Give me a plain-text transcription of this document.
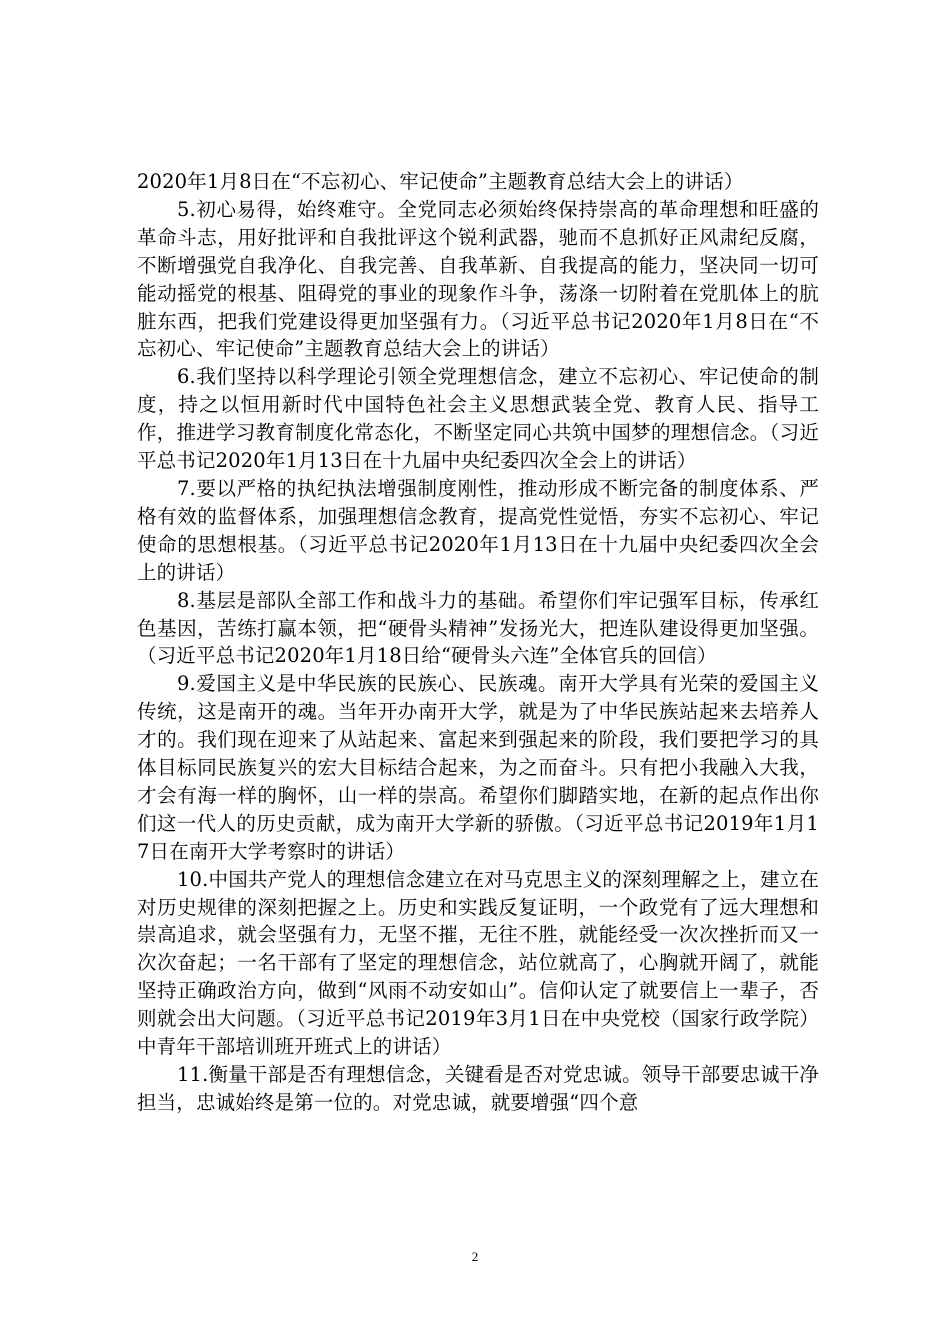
2020年1月8日在“不忘初心、牢记使命”主题教育总结大会上的讲话）

5.初心易得，始终难守。全党同志必须始终保持崇高的革命理想和旺盛的革命斗志，用好批评和自我批评这个锐利武器，驰而不息抓好正风肃纪反腐，不断增强党自我净化、自我完善、自我革新、自我提高的能力，坚决同一切可能动摇党的根基、阻碍党的事业的现象作斗争，荡涤一切附着在党肌体上的肮脏东西，把我们党建设得更加坚强有力。（习近平总书记2020年1月8日在“不忘初心、牢记使命”主题教育总结大会上的讲话）

6.我们坚持以科学理论引领全党理想信念，建立不忘初心、牢记使命的制度，持之以恒用新时代中国特色社会主义思想武装全党、教育人民、指导工作，推进学习教育制度化常态化，不断坚定同心共筑中国梦的理想信念。（习近平总书记2020年1月13日在十九届中央纪委四次全会上的讲话）

7.要以严格的执纪执法增强制度刚性，推动形成不断完备的制度体系、严格有效的监督体系，加强理想信念教育，提高党性觉悟，夯实不忘初心、牢记使命的思想根基。（习近平总书记2020年1月13日在十九届中央纪委四次全会上的讲话）

8.基层是部队全部工作和战斗力的基础。希望你们牢记强军目标，传承红色基因，苦练打赢本领，把“硬骨头精神”发扬光大，把连队建设得更加坚强。（习近平总书记2020年1月18日给“硬骨头六连”全体官兵的回信）

9.爱国主义是中华民族的民族心、民族魂。南开大学具有光荣的爱国主义传统，这是南开的魂。当年开办南开大学，就是为了中华民族站起来去培养人才的。我们现在迎来了从站起来、富起来到强起来的阶段，我们要把学习的具体目标同民族复兴的宏大目标结合起来，为之而奋斗。只有把小我融入大我，才会有海一样的胸怀，山一样的崇高。希望你们脚踏实地，在新的起点作出你们这一代人的历史贡献，成为南开大学新的骄傲。（习近平总书记2019年1月17日在南开大学考察时的讲话）

10.中国共产党人的理想信念建立在对马克思主义的深刻理解之上，建立在对历史规律的深刻把握之上。历史和实践反复证明，一个政党有了远大理想和崇高追求，就会坚强有力，无坚不摧，无往不胜，就能经受一次次挫折而又一次次奋起；一名干部有了坚定的理想信念，站位就高了，心胸就开阔了，就能坚持正确政治方向，做到“风雨不动安如山”。信仰认定了就要信上一辈子，否则就会出大问题。（习近平总书记2019年3月1日在中央党校（国家行政学院）中青年干部培训班开班式上的讲话）

11.衡量干部是否有理想信念，关键看是否对党忠诚。领导干部要忠诚干净担当，忠诚始终是第一位的。对党忠诚，就要增强“四个意

2
